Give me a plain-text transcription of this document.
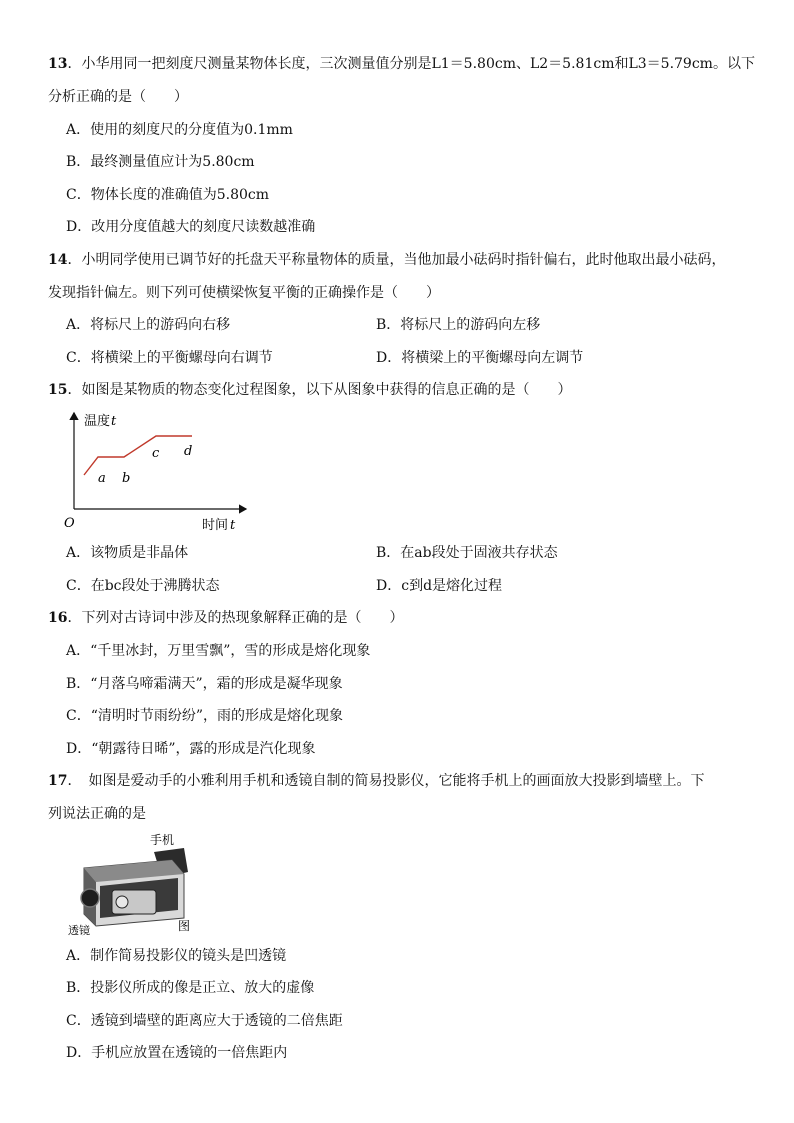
13．小华用同一把刻度尺测量某物体长度，三次测量值分别是L1＝5.80cm、L2＝5.81cm和L3＝5.79cm。以下
分析正确的是（　　）
A．使用的刻度尺的分度值为0.1mm
B．最终测量值应计为5.80cm
C．物体长度的准确值为5.80cm
D．改用分度值越大的刻度尺读数越准确
14．小明同学使用已调节好的托盘天平称量物体的质量，当他加最小砝码时指针偏右，此时他取出最小砝码，
发现指针偏左。则下列可使横梁恢复平衡的正确操作是（　　）
A．将标尺上的游码向右移	B．将标尺上的游码向左移
C．将横梁上的平衡螺母向右调节	D．将横梁上的平衡螺母向左调节
15．如图是某物质的物态变化过程图象，以下从图象中获得的信息正确的是（　　）
温度 t
O	时间 t
a b
c d
A．该物质是非晶体	B．在ab段处于固液共存状态
C．在bc段处于沸腾状态	D．c到d是熔化过程
16．下列对古诗词中涉及的热现象解释正确的是（　　）
A．“千里冰封，万里雪飘”，雪的形成是熔化现象
B．“月落乌啼霜满天”，霜的形成是凝华现象
C．“清明时节雨纷纷”，雨的形成是熔化现象
D．“朝露待日晞”，露的形成是汽化现象
17．　如图是爱动手的小雅利用手机和透镜自制的简易投影仪，它能将手机上的画面放大投影到墙壁上。下
列说法正确的是
手机
透镜	图
A．制作简易投影仪的镜头是凹透镜
B．投影仪所成的像是正立、放大的虚像
C．透镜到墙壁的距离应大于透镜的二倍焦距
D．手机应放置在透镜的一倍焦距内
